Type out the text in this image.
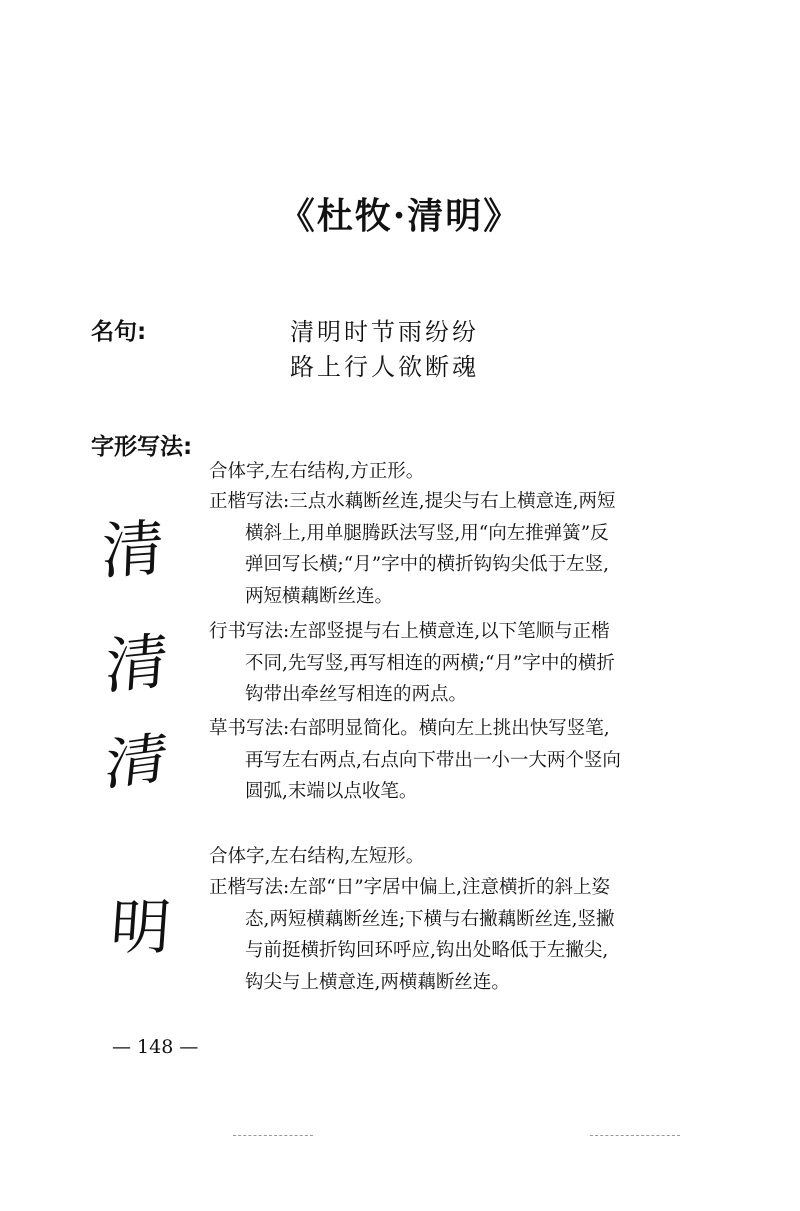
《杜牧·清明》
名句:	清明时节雨纷纷
路上行人欲断魂
字形写法:
清
清
清
明
合体字,左右结构,方正形。
正楷写法:三点水藕断丝连,提尖与右上横意连,两短
横斜上,用单腿腾跃法写竖,用“向左推弹簧”反
弹回写长横;“月”字中的横折钩钩尖低于左竖,
两短横藕断丝连。
行书写法:左部竖提与右上横意连,以下笔顺与正楷
不同,先写竖,再写相连的两横;“月”字中的横折
钩带出牵丝写相连的两点。
草书写法:右部明显简化。横向左上挑出快写竖笔,
再写左右两点,右点向下带出一小一大两个竖向
圆弧,末端以点收笔。
合体字,左右结构,左短形。
正楷写法:左部“日”字居中偏上,注意横折的斜上姿
态,两短横藕断丝连;下横与右撇藕断丝连,竖撇
与前挺横折钩回环呼应,钩出处略低于左撇尖,
钩尖与上横意连,两横藕断丝连。
— 148 —
